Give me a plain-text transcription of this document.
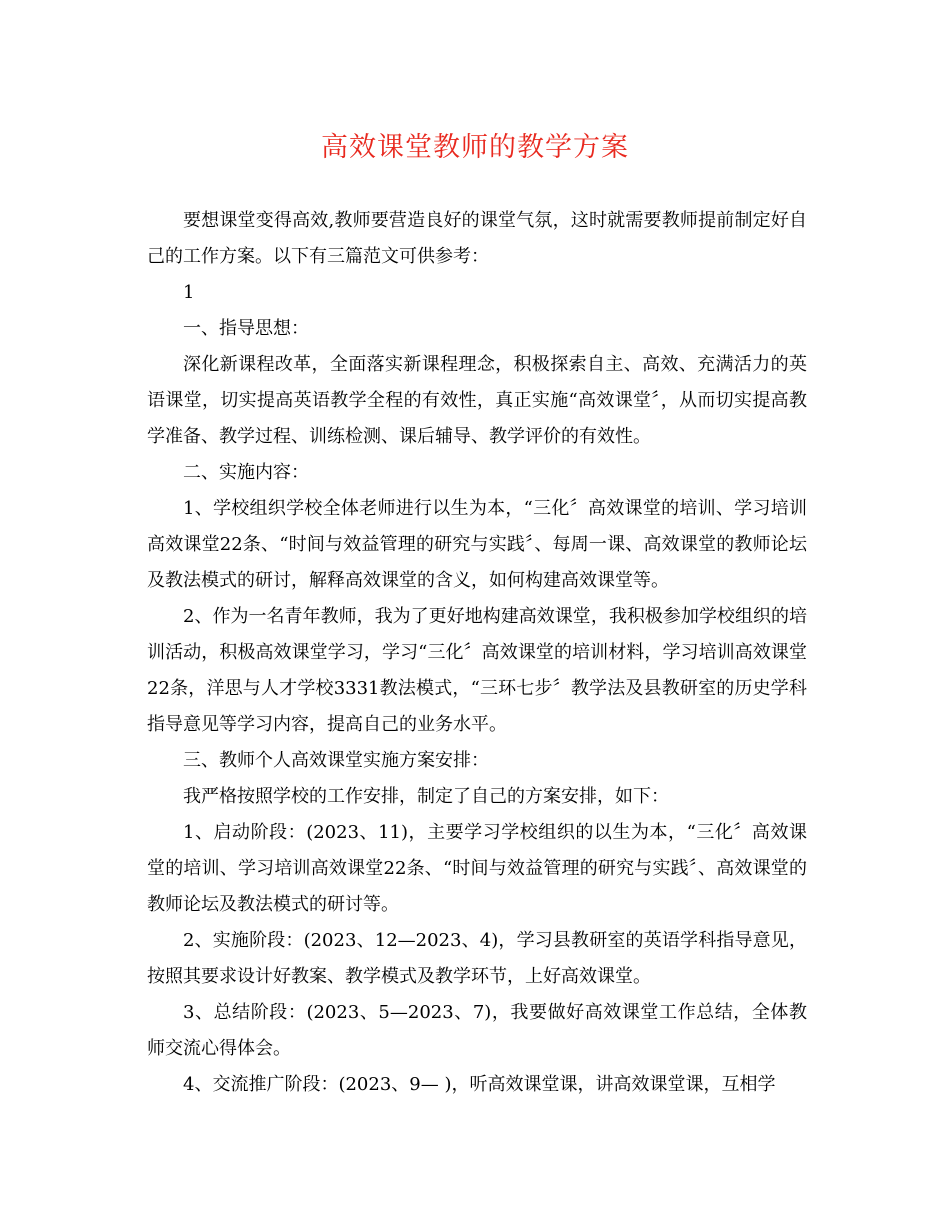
高效课堂教师的教学方案

要想课堂变得高效,教师要营造良好的课堂气氛，这时就需要教师提前制定好自己的工作方案。以下有三篇范文可供参考：

1

一、指导思想：

深化新课程改革，全面落实新课程理念，积极探索自主、高效、充满活力的英语课堂，切实提高英语教学全程的有效性，真正实施“高效课堂〞，从而切实提高教学准备、教学过程、训练检测、课后辅导、教学评价的有效性。

二、实施内容：

1、学校组织学校全体老师进行以生为本，“三化〞高效课堂的培训、学习培训高效课堂22条、“时间与效益管理的研究与实践〞、每周一课、高效课堂的教师论坛及教法模式的研讨，解释高效课堂的含义，如何构建高效课堂等。

2、作为一名青年教师，我为了更好地构建高效课堂，我积极参加学校组织的培训活动，积极高效课堂学习，学习“三化〞高效课堂的培训材料，学习培训高效课堂22条，洋思与人才学校3331教法模式，“三环七步〞教学法及县教研室的历史学科指导意见等学习内容，提高自己的业务水平。

三、教师个人高效课堂实施方案安排：

我严格按照学校的工作安排，制定了自己的方案安排，如下：

1、启动阶段：(2023、11)，主要学习学校组织的以生为本，“三化〞高效课堂的培训、学习培训高效课堂22条、“时间与效益管理的研究与实践〞、高效课堂的教师论坛及教法模式的研讨等。

2、实施阶段：(2023、12—2023、4)，学习县教研室的英语学科指导意见，按照其要求设计好教案、教学模式及教学环节，上好高效课堂。

3、总结阶段：(2023、5—2023、7)，我要做好高效课堂工作总结，全体教师交流心得体会。

4、交流推广阶段：(2023、9— )，听高效课堂课，讲高效课堂课，互相学
